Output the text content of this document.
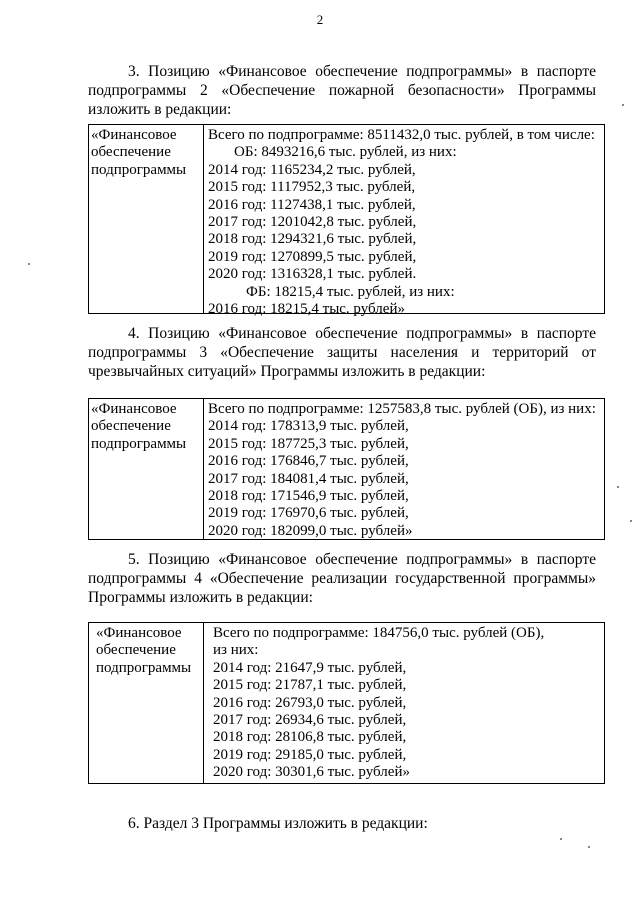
2
3. Позицию «Финансовое обеспечение подпрограммы» в паспорте
подпрограммы 2 «Обеспечение пожарной безопасности» Программы
изложить в редакции:
«Финансовое
обеспечение
подпрограммы
Всего по подпрограмме: 8511432,0 тыс. рублей, в том числе:
ОБ: 8493216,6 тыс. рублей, из них:
2014 год: 1165234,2 тыс. рублей,
2015 год: 1117952,3 тыс. рублей,
2016 год: 1127438,1 тыс. рублей,
2017 год: 1201042,8 тыс. рублей,
2018 год: 1294321,6 тыс. рублей,
2019 год: 1270899,5 тыс. рублей,
2020 год: 1316328,1 тыс. рублей.
ФБ: 18215,4 тыс. рублей, из них:
2016 год: 18215,4 тыс. рублей»
4. Позицию «Финансовое обеспечение подпрограммы» в паспорте
подпрограммы 3 «Обеспечение защиты населения и территорий от
чрезвычайных ситуаций» Программы изложить в редакции:
«Финансовое
обеспечение
подпрограммы
Всего по подпрограмме: 1257583,8 тыс. рублей (ОБ), из них:
2014 год: 178313,9 тыс. рублей,
2015 год: 187725,3 тыс. рублей,
2016 год: 176846,7 тыс. рублей,
2017 год: 184081,4 тыс. рублей,
2018 год: 171546,9 тыс. рублей,
2019 год: 176970,6 тыс. рублей,
2020 год: 182099,0 тыс. рублей»
5. Позицию «Финансовое обеспечение подпрограммы» в паспорте
подпрограммы 4 «Обеспечение реализации государственной программы»
Программы изложить в редакции:
«Финансовое
обеспечение
подпрограммы
Всего по подпрограмме: 184756,0 тыс. рублей (ОБ),
из них:
2014 год: 21647,9 тыс. рублей,
2015 год: 21787,1 тыс. рублей,
2016 год: 26793,0 тыс. рублей,
2017 год: 26934,6 тыс. рублей,
2018 год: 28106,8 тыс. рублей,
2019 год: 29185,0 тыс. рублей,
2020 год: 30301,6 тыс. рублей»
6. Раздел 3 Программы изложить в редакции:
